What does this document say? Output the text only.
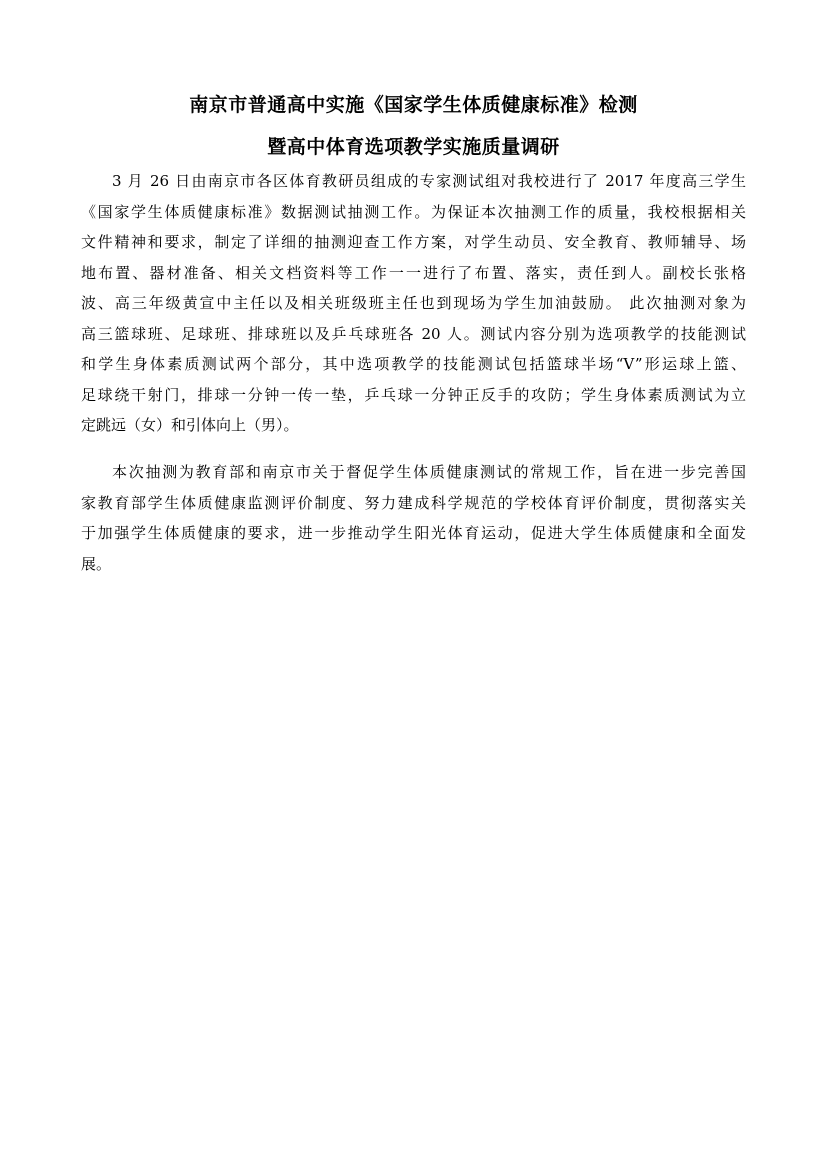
南京市普通高中实施《国家学生体质健康标准》检测
暨高中体育选项教学实施质量调研
3 月 26 日由南京市各区体育教研员组成的专家测试组对我校进行了 2017 年度高三学生
《国家学生体质健康标准》数据测试抽测工作。为保证本次抽测工作的质量，我校根据相关
文件精神和要求，制定了详细的抽测迎查工作方案，对学生动员、安全教育、教师辅导、场
地布置、器材准备、相关文档资料等工作一一进行了布置、落实，责任到人。副校长张格
波、高三年级黄宣中主任以及相关班级班主任也到现场为学生加油鼓励。 此次抽测对象为
高三篮球班、足球班、排球班以及乒乓球班各 20 人。测试内容分别为选项教学的技能测试
和学生身体素质测试两个部分，其中选项教学的技能测试包括篮球半场“V”形运球上篮、
足球绕干射门，排球一分钟一传一垫，乒乓球一分钟正反手的攻防；学生身体素质测试为立
定跳远（女）和引体向上（男）。
本次抽测为教育部和南京市关于督促学生体质健康测试的常规工作，旨在进一步完善国
家教育部学生体质健康监测评价制度、努力建成科学规范的学校体育评价制度，贯彻落实关
于加强学生体质健康的要求，进一步推动学生阳光体育运动，促进大学生体质健康和全面发
展。
